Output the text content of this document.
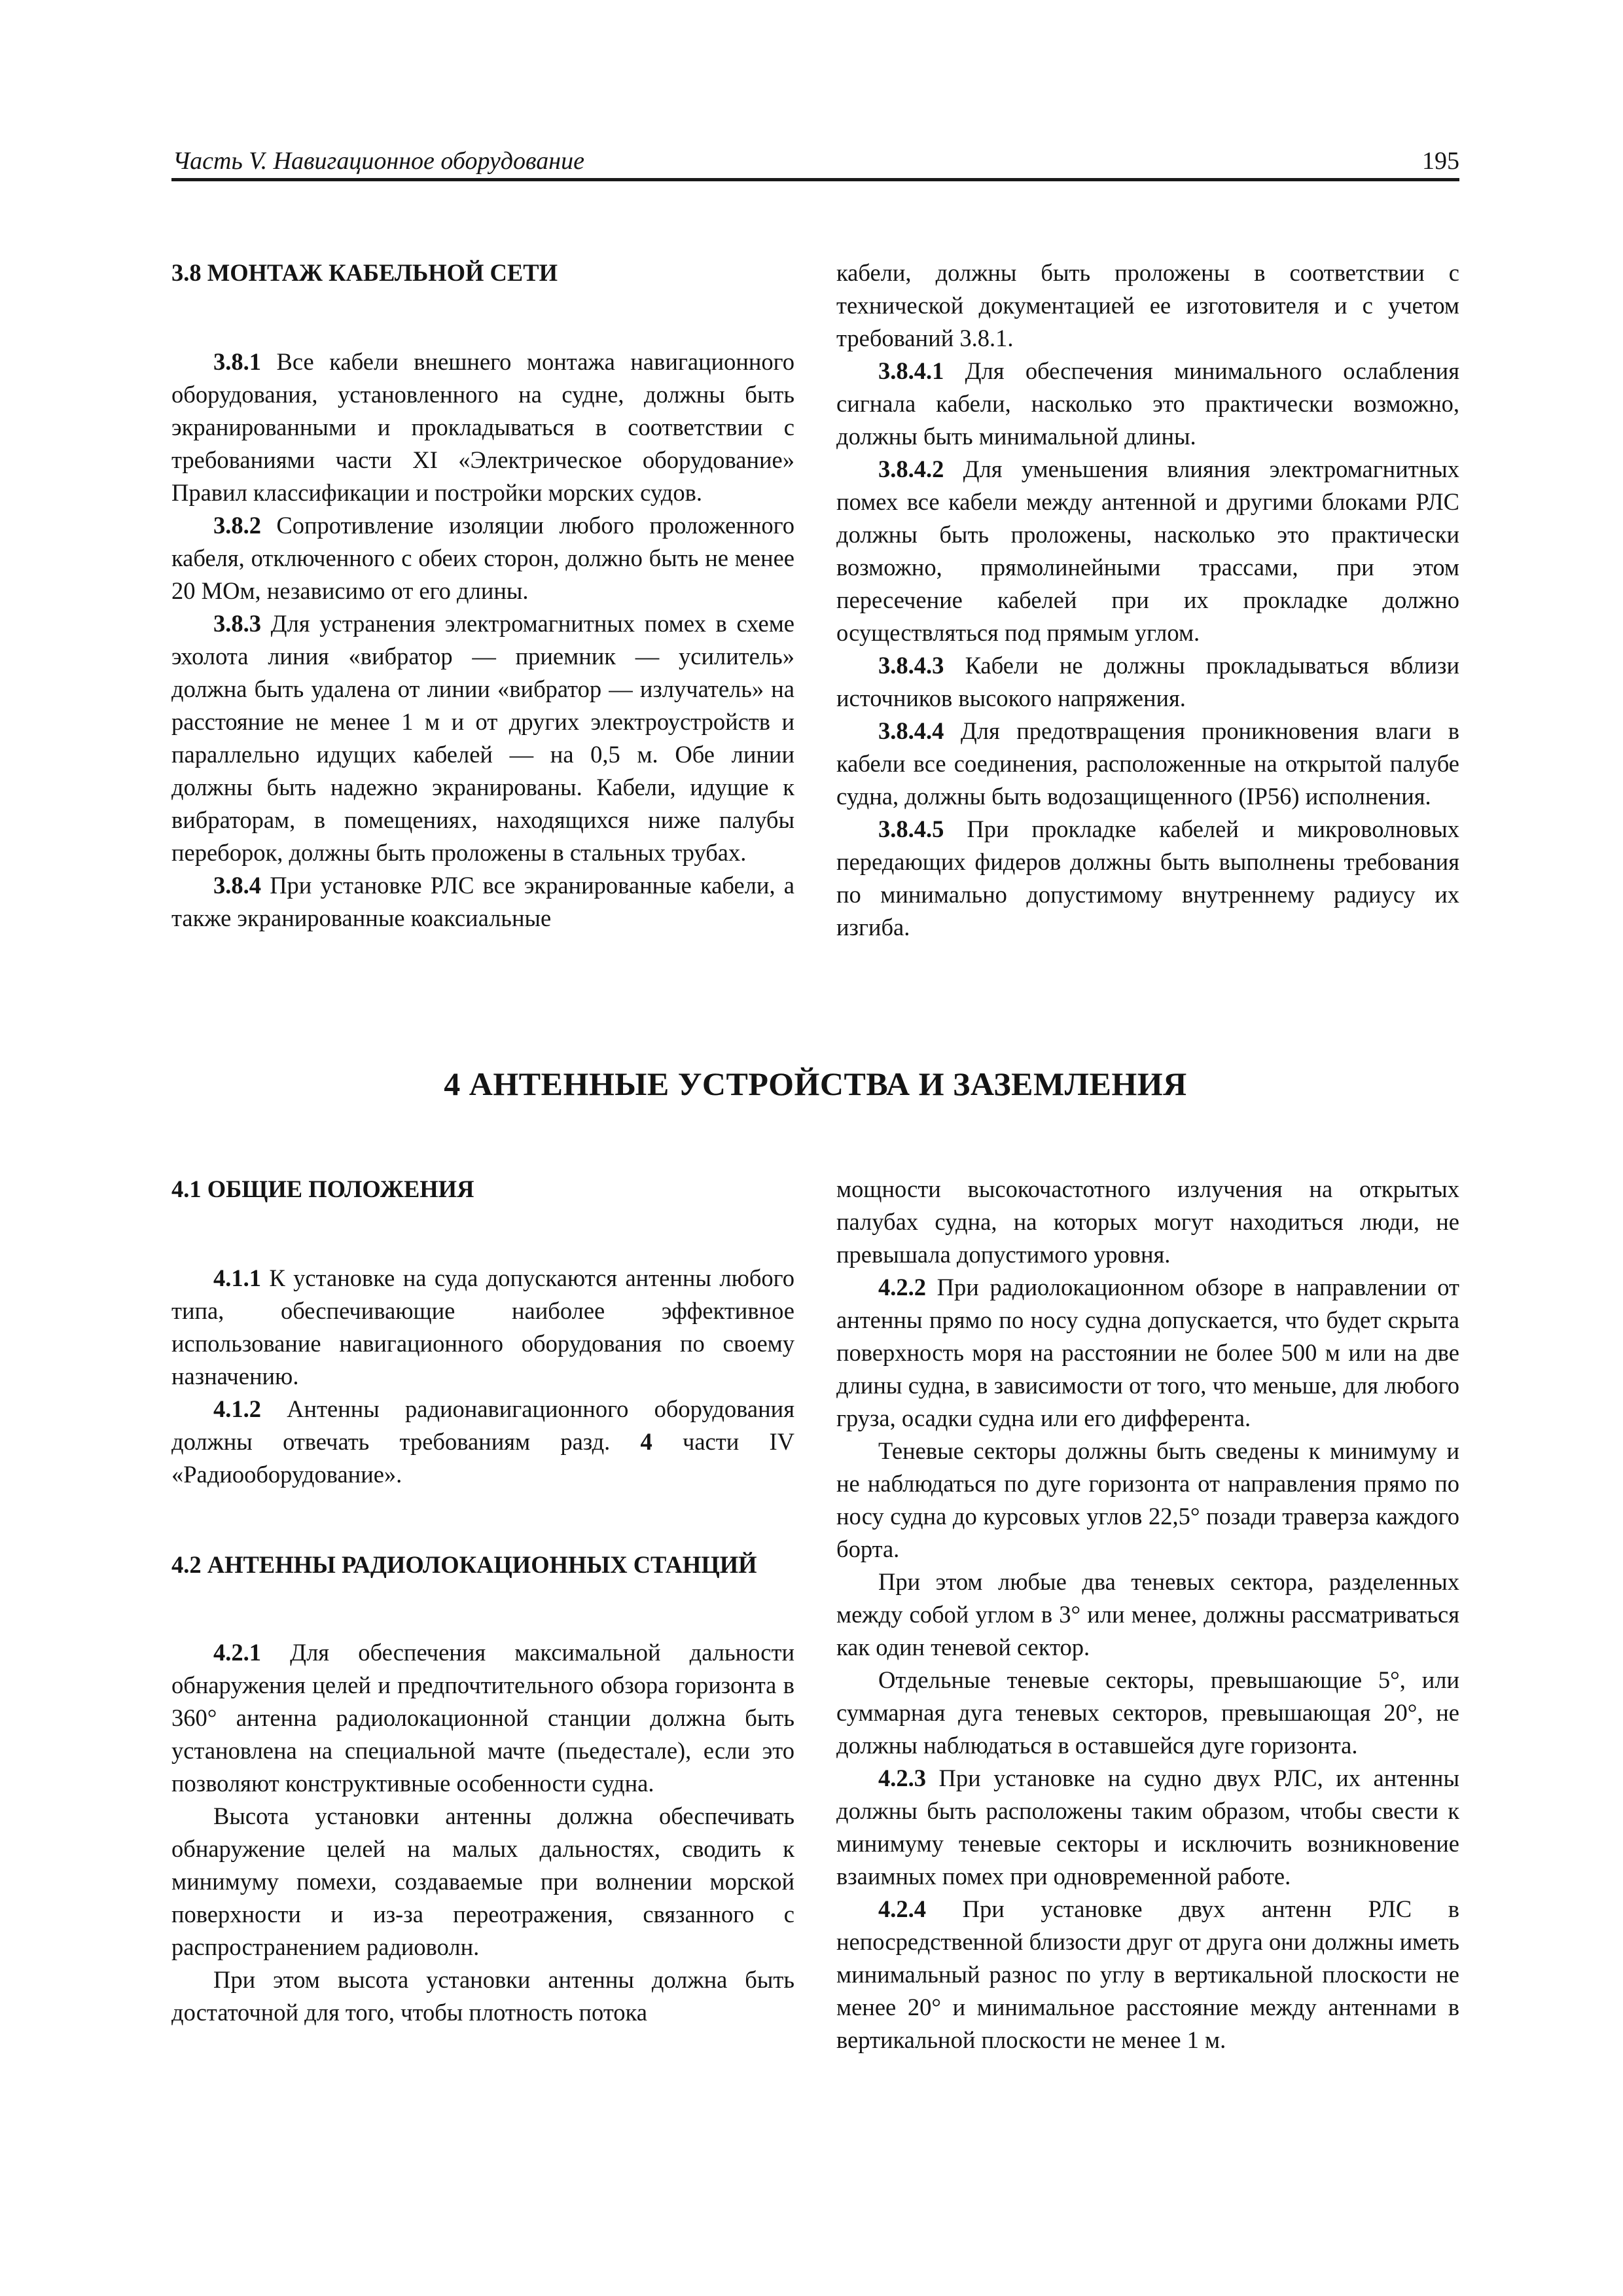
Часть V. Навигационное оборудование	195

3.8 МОНТАЖ КАБЕЛЬНОЙ СЕТИ

3.8.1 Все кабели внешнего монтажа навигационного оборудования, установленного на судне, должны быть экранированными и прокладываться в соответствии с требованиями части XI «Электрическое оборудование» Правил классификации и постройки морских судов.

3.8.2 Сопротивление изоляции любого проложенного кабеля, отключенного с обеих сторон, должно быть не менее 20 МОм, независимо от его длины.

3.8.3 Для устранения электромагнитных помех в схеме эхолота линия «вибратор — приемник — усилитель» должна быть удалена от линии «вибратор — излучатель» на расстояние не менее 1 м и от других электроустройств и параллельно идущих кабелей — на 0,5 м. Обе линии должны быть надежно экранированы. Кабели, идущие к вибраторам, в помещениях, находящихся ниже палубы переборок, должны быть проложены в стальных трубах.

3.8.4 При установке РЛС все экранированные кабели, а также экранированные коаксиальные

кабели, должны быть проложены в соответствии с технической документацией ее изготовителя и с учетом требований 3.8.1.

3.8.4.1 Для обеспечения минимального ослабления сигнала кабели, насколько это практически возможно, должны быть минимальной длины.

3.8.4.2 Для уменьшения влияния электромагнитных помех все кабели между антенной и другими блоками РЛС должны быть проложены, насколько это практически возможно, прямолинейными трассами, при этом пересечение кабелей при их прокладке должно осуществляться под прямым углом.

3.8.4.3 Кабели не должны прокладываться вблизи источников высокого напряжения.

3.8.4.4 Для предотвращения проникновения влаги в кабели все соединения, расположенные на открытой палубе судна, должны быть водозащищенного (IP56) исполнения.

3.8.4.5 При прокладке кабелей и микроволновых передающих фидеров должны быть выполнены требования по минимально допустимому внутреннему радиусу их изгиба.

4 АНТЕННЫЕ УСТРОЙСТВА И ЗАЗЕМЛЕНИЯ

4.1 ОБЩИЕ ПОЛОЖЕНИЯ

4.1.1 К установке на суда допускаются антенны любого типа, обеспечивающие наиболее эффективное использование навигационного оборудования по своему назначению.

4.1.2 Антенны радионавигационного оборудования должны отвечать требованиям разд. 4 части IV «Радиооборудование».

4.2 АНТЕННЫ РАДИОЛОКАЦИОННЫХ СТАНЦИЙ

4.2.1 Для обеспечения максимальной дальности обнаружения целей и предпочтительного обзора горизонта в 360° антенна радиолокационной станции должна быть установлена на специальной мачте (пьедестале), если это позволяют конструктивные особенности судна.

Высота установки антенны должна обеспечивать обнаружение целей на малых дальностях, сводить к минимуму помехи, создаваемые при волнении морской поверхности и из-за переотражения, связанного с распространением радиоволн.

При этом высота установки антенны должна быть достаточной для того, чтобы плотность потока

мощности высокочастотного излучения на открытых палубах судна, на которых могут находиться люди, не превышала допустимого уровня.

4.2.2 При радиолокационном обзоре в направлении от антенны прямо по носу судна допускается, что будет скрыта поверхность моря на расстоянии не более 500 м или на две длины судна, в зависимости от того, что меньше, для любого груза, осадки судна или его дифферента.

Теневые секторы должны быть сведены к минимуму и не наблюдаться по дуге горизонта от направления прямо по носу судна до курсовых углов 22,5° позади траверза каждого борта.

При этом любые два теневых сектора, разделенных между собой углом в 3° или менее, должны рассматриваться как один теневой сектор.

Отдельные теневые секторы, превышающие 5°, или суммарная дуга теневых секторов, превышающая 20°, не должны наблюдаться в оставшейся дуге горизонта.

4.2.3 При установке на судно двух РЛС, их антенны должны быть расположены таким образом, чтобы свести к минимуму теневые секторы и исключить возникновение взаимных помех при одновременной работе.

4.2.4 При установке двух антенн РЛС в непосредственной близости друг от друга они должны иметь минимальный разнос по углу в вертикальной плоскости не менее 20° и минимальное расстояние между антеннами в вертикальной плоскости не менее 1 м.
